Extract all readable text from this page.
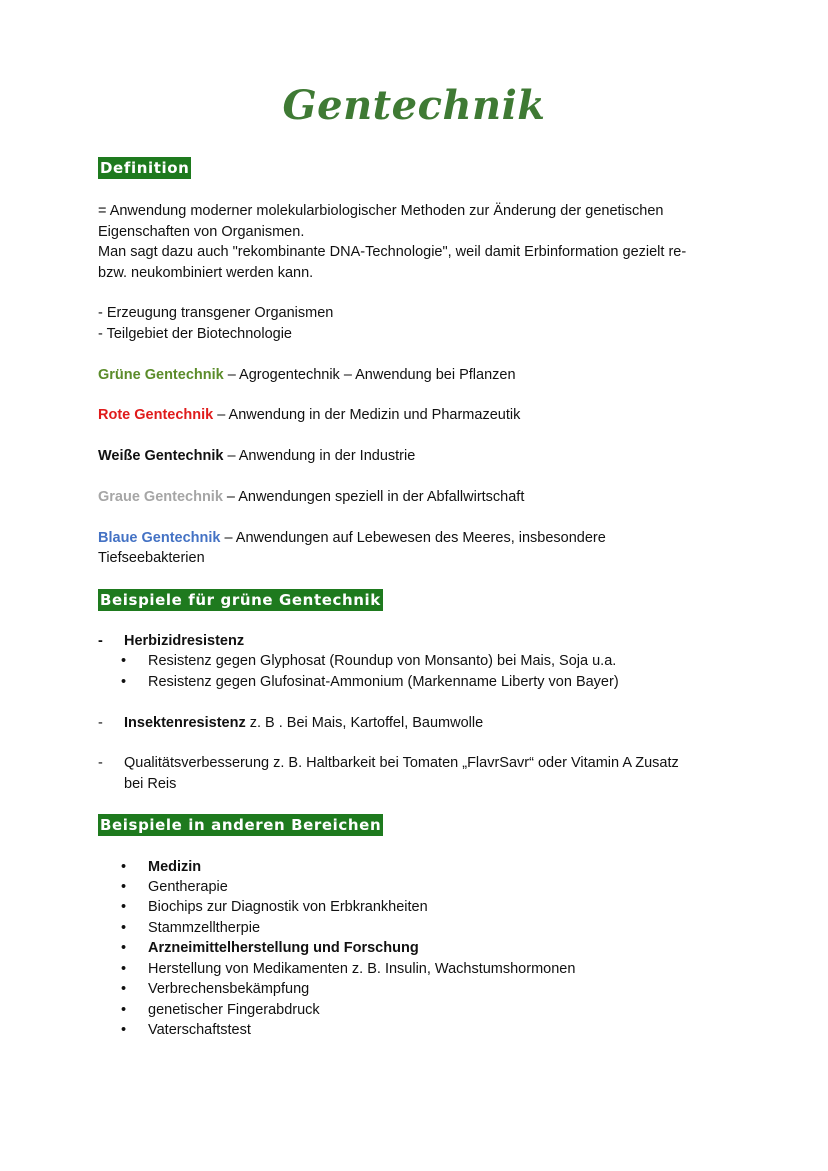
Gentechnik
Definition

= Anwendung moderner molekularbiologischer Methoden zur Änderung der genetischen

Eigenschaften von Organismen.

Man sagt dazu auch "rekombinante DNA-Technologie", weil damit Erbinformation gezielt re-

bzw. neukombiniert werden kann.

- Erzeugung transgener Organismen

- Teilgebiet der Biotechnologie

Grüne Gentechnik – Agrogentechnik – Anwendung bei Pflanzen

Rote Gentechnik – Anwendung in der Medizin und Pharmazeutik

Weiße Gentechnik – Anwendung in der Industrie

Graue Gentechnik – Anwendungen speziell in der Abfallwirtschaft

Blaue Gentechnik – Anwendungen auf Lebewesen des Meeres, insbesondere

Tiefseebakterien

Beispiele für grüne Gentechnik

- Herbizidresistenz

• Resistenz gegen Glyphosat (Roundup von Monsanto) bei Mais, Soja u.a.
• Resistenz gegen Glufosinat-Ammonium (Markenname Liberty von Bayer)

- Insektenresistenz z. B . Bei Mais, Kartoffel, Baumwolle

- Qualitätsverbesserung z. B. Haltbarkeit bei Tomaten „FlavrSavr“ oder Vitamin A Zusatz
bei Reis

Beispiele in anderen Bereichen
• Medizin
• Gentherapie
• Biochips zur Diagnostik von Erbkrankheiten
• Stammzelltherpie
• Arzneimittelherstellung und Forschung
• Herstellung von Medikamenten z. B. Insulin, Wachstumshormonen
• Verbrechensbekämpfung
• genetischer Fingerabdruck
• Vaterschaftstest
